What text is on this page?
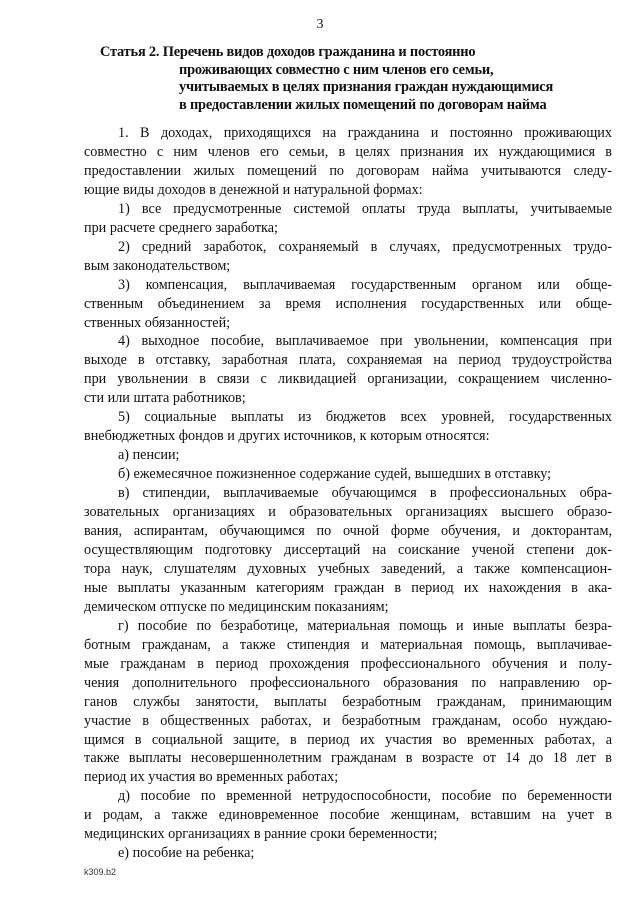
3
Статья 2. Перечень видов доходов гражданина и постоянно
проживающих совместно с ним членов его семьи,
учитываемых в целях признания граждан нуждающимися
в предоставлении жилых помещений по договорам найма
1. В доходах, приходящихся на гражданина и постоянно проживающих
совместно с ним членов его семьи, в целях признания их нуждающимися в
предоставлении жилых помещений по договорам найма учитываются следу-
ющие виды доходов в денежной и натуральной формах:
1) все предусмотренные системой оплаты труда выплаты, учитываемые
при расчете среднего заработка;
2) средний заработок, сохраняемый в случаях, предусмотренных трудо-
вым законодательством;
3) компенсация, выплачиваемая государственным органом или обще-
ственным объединением за время исполнения государственных или обще-
ственных обязанностей;
4) выходное пособие, выплачиваемое при увольнении, компенсация при
выходе в отставку, заработная плата, сохраняемая на период трудоустройства
при увольнении в связи с ликвидацией организации, сокращением численно-
сти или штата работников;
5) социальные выплаты из бюджетов всех уровней, государственных
внебюджетных фондов и других источников, к которым относятся:
а) пенсии;
б) ежемесячное пожизненное содержание судей, вышедших в отставку;
в) стипендии, выплачиваемые обучающимся в профессиональных обра-
зовательных организациях и образовательных организациях высшего образо-
вания, аспирантам, обучающимся по очной форме обучения, и докторантам,
осуществляющим подготовку диссертаций на соискание ученой степени док-
тора наук, слушателям духовных учебных заведений, а также компенсацион-
ные выплаты указанным категориям граждан в период их нахождения в ака-
демическом отпуске по медицинским показаниям;
г) пособие по безработице, материальная помощь и иные выплаты безра-
ботным гражданам, а также стипендия и материальная помощь, выплачивае-
мые гражданам в период прохождения профессионального обучения и полу-
чения дополнительного профессионального образования по направлению ор-
ганов службы занятости, выплаты безработным гражданам, принимающим
участие в общественных работах, и безработным гражданам, особо нуждаю-
щимся в социальной защите, в период их участия во временных работах, а
также выплаты несовершеннолетним гражданам в возрасте от 14 до 18 лет в
период их участия во временных работах;
д) пособие по временной нетрудоспособности, пособие по беременности
и родам, а также единовременное пособие женщинам, вставшим на учет в
медицинских организациях в ранние сроки беременности;
е) пособие на ребенка;
k309.b2
